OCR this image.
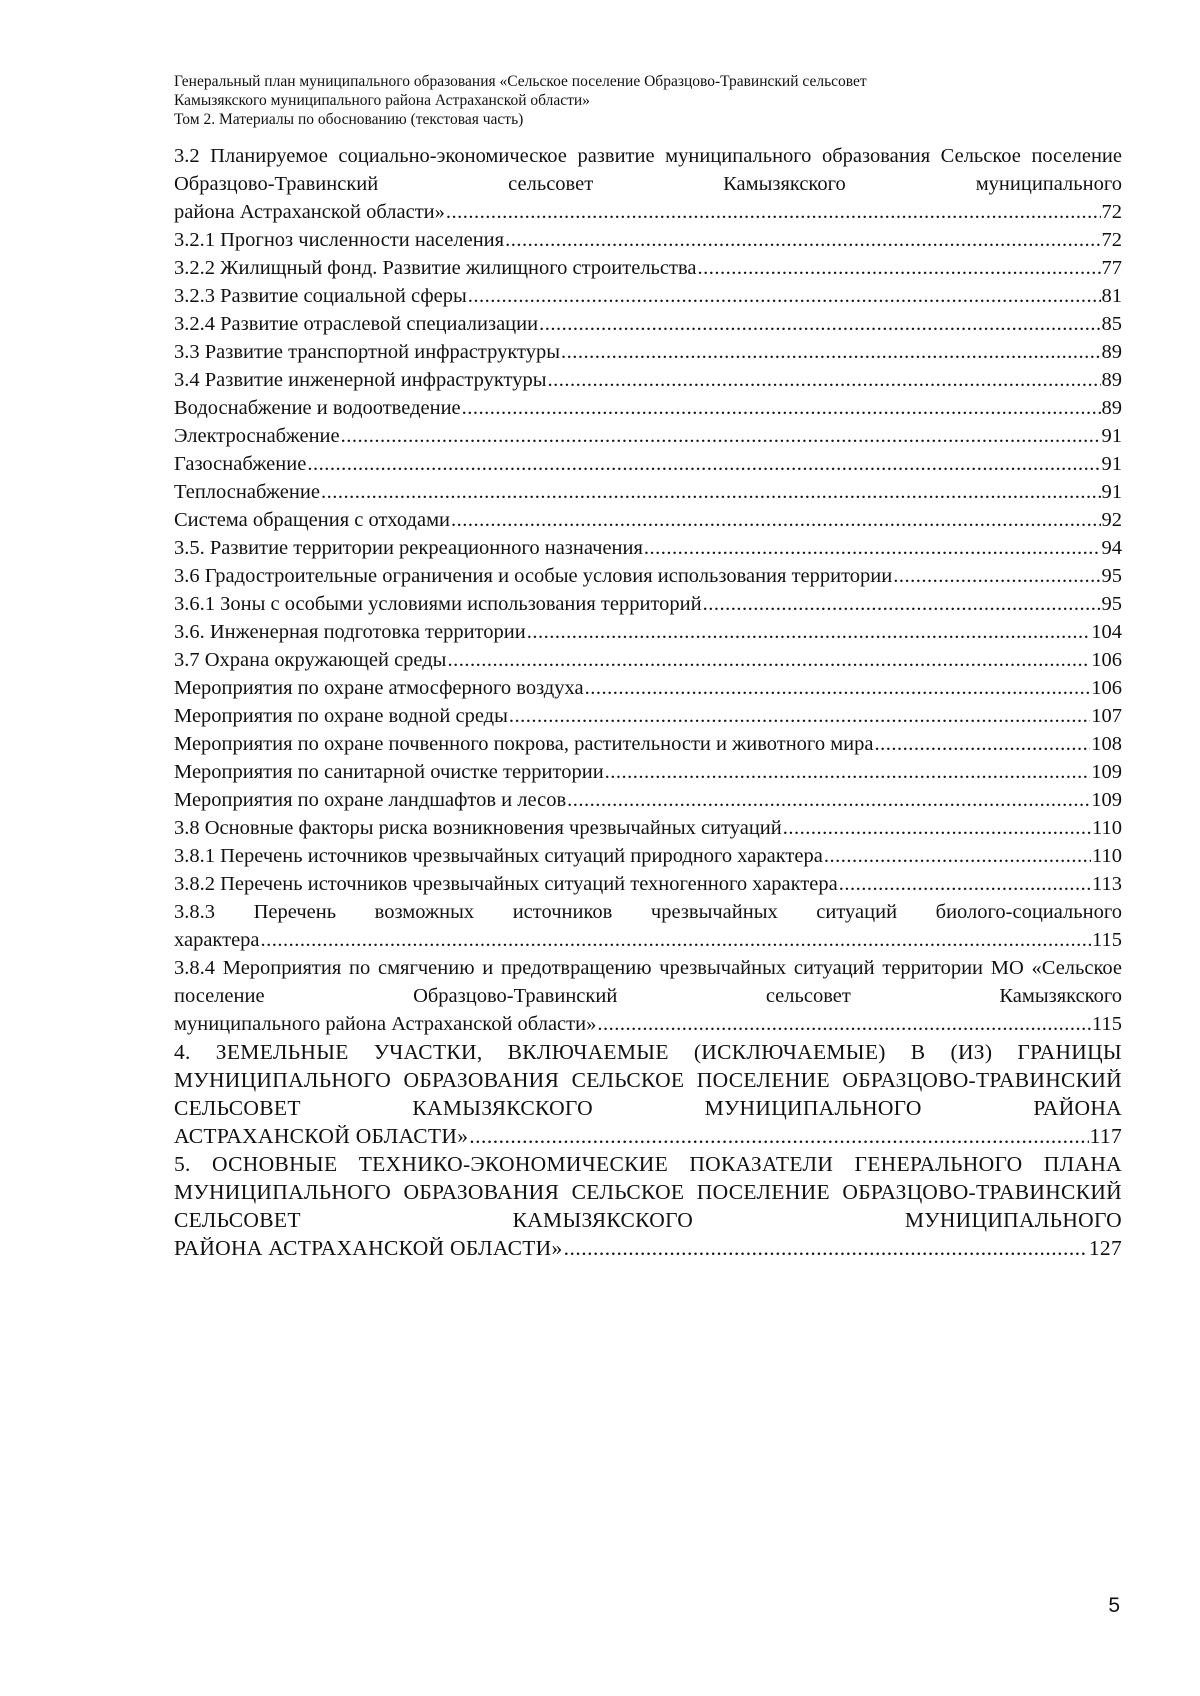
Генеральный план муниципального образования «Сельское поселение Образцово-Травинский сельсовет
Камызякского муниципального района Астраханской области»
Том 2. Материалы по обоснованию (текстовая часть)
3.2 Планируемое социально-экономическое развитие муниципального образования Сельское поселение Образцово-Травинский сельсовет Камызякского муниципального
района Астраханской области» .....	72
3.2.1 Прогноз численности населения .....	72
3.2.2 Жилищный фонд. Развитие жилищного строительства .....	77
3.2.3 Развитие социальной сферы .....	81
3.2.4 Развитие отраслевой специализации .....	85
3.3 Развитие транспортной инфраструктуры .....	89
3.4 Развитие инженерной инфраструктуры .....	89
Водоснабжение и водоотведение .....	89
Электроснабжение .....	91
Газоснабжение .....	91
Теплоснабжение .....	91
Система обращения с отходами .....	92
3.5. Развитие территории рекреационного назначения .....	94
3.6 Градостроительные ограничения и особые условия использования территории .....	95
3.6.1 Зоны с особыми условиями использования территорий .....	95
3.6. Инженерная подготовка территории .....	104
3.7 Охрана окружающей среды .....	106
Мероприятия по охране атмосферного воздуха .....	106
Мероприятия по охране водной среды .....	107
Мероприятия по охране почвенного покрова, растительности и животного мира .....	108
Мероприятия по санитарной очистке территории .....	109
Мероприятия по охране ландшафтов и лесов .....	109
3.8 Основные факторы риска возникновения чрезвычайных ситуаций .....	110
3.8.1 Перечень источников чрезвычайных ситуаций природного характера .....	110
3.8.2 Перечень источников чрезвычайных ситуаций техногенного характера .....	113
3.8.3 Перечень возможных источников чрезвычайных ситуаций биолого-социального
характера .....	115
3.8.4 Мероприятия по смягчению и предотвращению чрезвычайных ситуаций территории МО «Сельское поселение Образцово-Травинский сельсовет Камызякского
муниципального района Астраханской области» .....	115
4. ЗЕМЕЛЬНЫЕ УЧАСТКИ, ВКЛЮЧАЕМЫЕ (ИСКЛЮЧАЕМЫЕ) В (ИЗ) ГРАНИЦЫ МУНИЦИПАЛЬНОГО ОБРАЗОВАНИЯ СЕЛЬСКОЕ ПОСЕЛЕНИЕ ОБРАЗЦОВО-ТРАВИНСКИЙ СЕЛЬСОВЕТ КАМЫЗЯКСКОГО МУНИЦИПАЛЬНОГО РАЙОНА
АСТРАХАНСКОЙ ОБЛАСТИ» .....	117
5. ОСНОВНЫЕ ТЕХНИКО-ЭКОНОМИЧЕСКИЕ ПОКАЗАТЕЛИ ГЕНЕРАЛЬНОГО ПЛАНА МУНИЦИПАЛЬНОГО ОБРАЗОВАНИЯ СЕЛЬСКОЕ ПОСЕЛЕНИЕ ОБРАЗЦОВО-ТРАВИНСКИЙ СЕЛЬСОВЕТ КАМЫЗЯКСКОГО МУНИЦИПАЛЬНОГО
РАЙОНА АСТРАХАНСКОЙ ОБЛАСТИ» .....	127
5
